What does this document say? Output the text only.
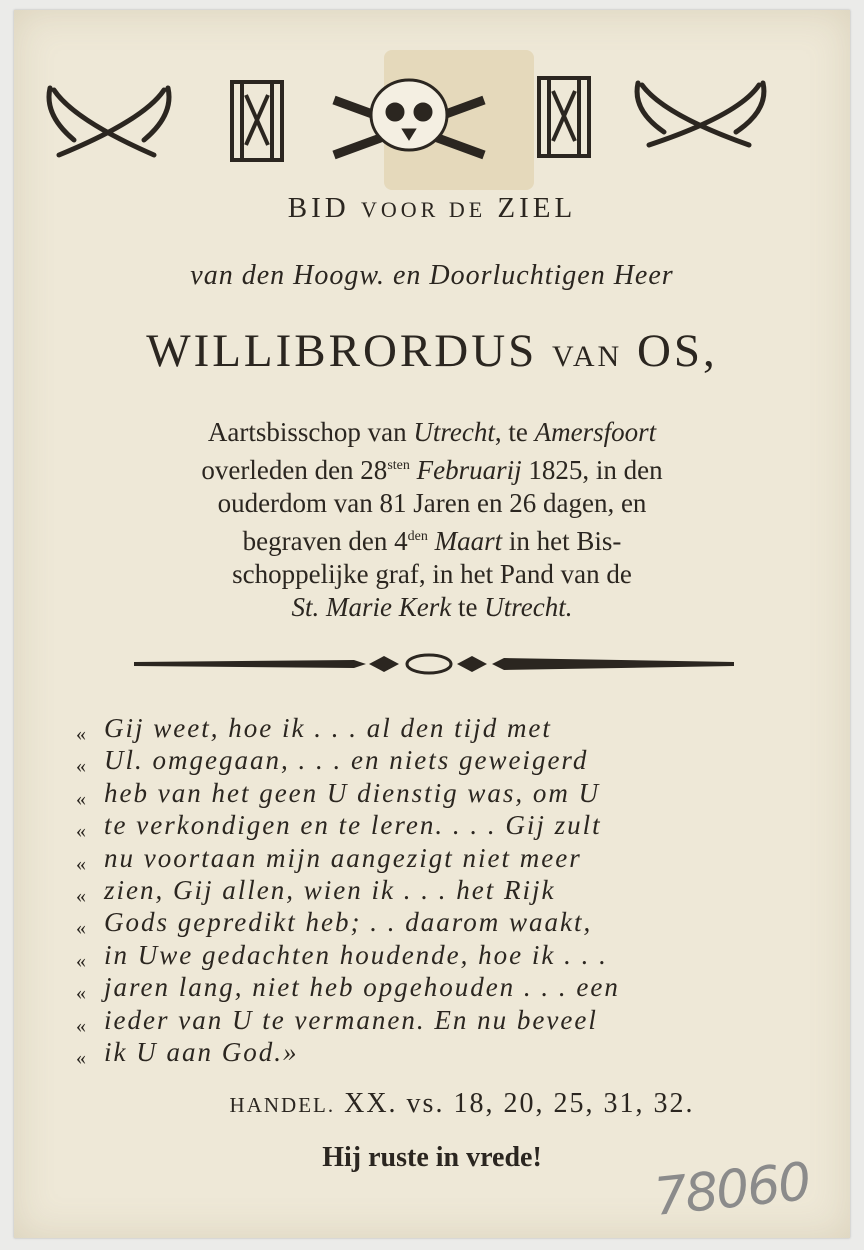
BID VOOR DE ZIEL
van den Hoogw. en Doorluchtigen Heer
WILLIBRORDUS VAN OS,
Aartsbisschop van Utrecht, te Amersfoort
overleden den $28^{sten}$ Februarij 1825, in den
ouderdom van 81 Jaren en 26 dagen, en
begraven den $4^{den}$ Maart in het Bis-
schoppelijke graf, in het Pand van de
St. Marie Kerk te Utrecht.
« Gij weet, hoe ik . . . al den tijd met
« Ul. omgegaan, . . . en niets geweigerd
« heb van het geen U dienstig was, om U
« te verkondigen en te leren. . . . Gij zult
« nu voortaan mijn aangezigt niet meer
« zien, Gij allen, wien ik . . . het Rijk
« Gods gepredikt heb; . . daarom waakt,
« in Uwe gedachten houdende, hoe ik . . .
« jaren lang, niet heb opgehouden . . . een
« ieder van U te vermanen. En nu beveel
« ik U aan God.»
HANDEL. XX. vs. 18, 20, 25, 31, 32.
Hij ruste in vrede!	78060
